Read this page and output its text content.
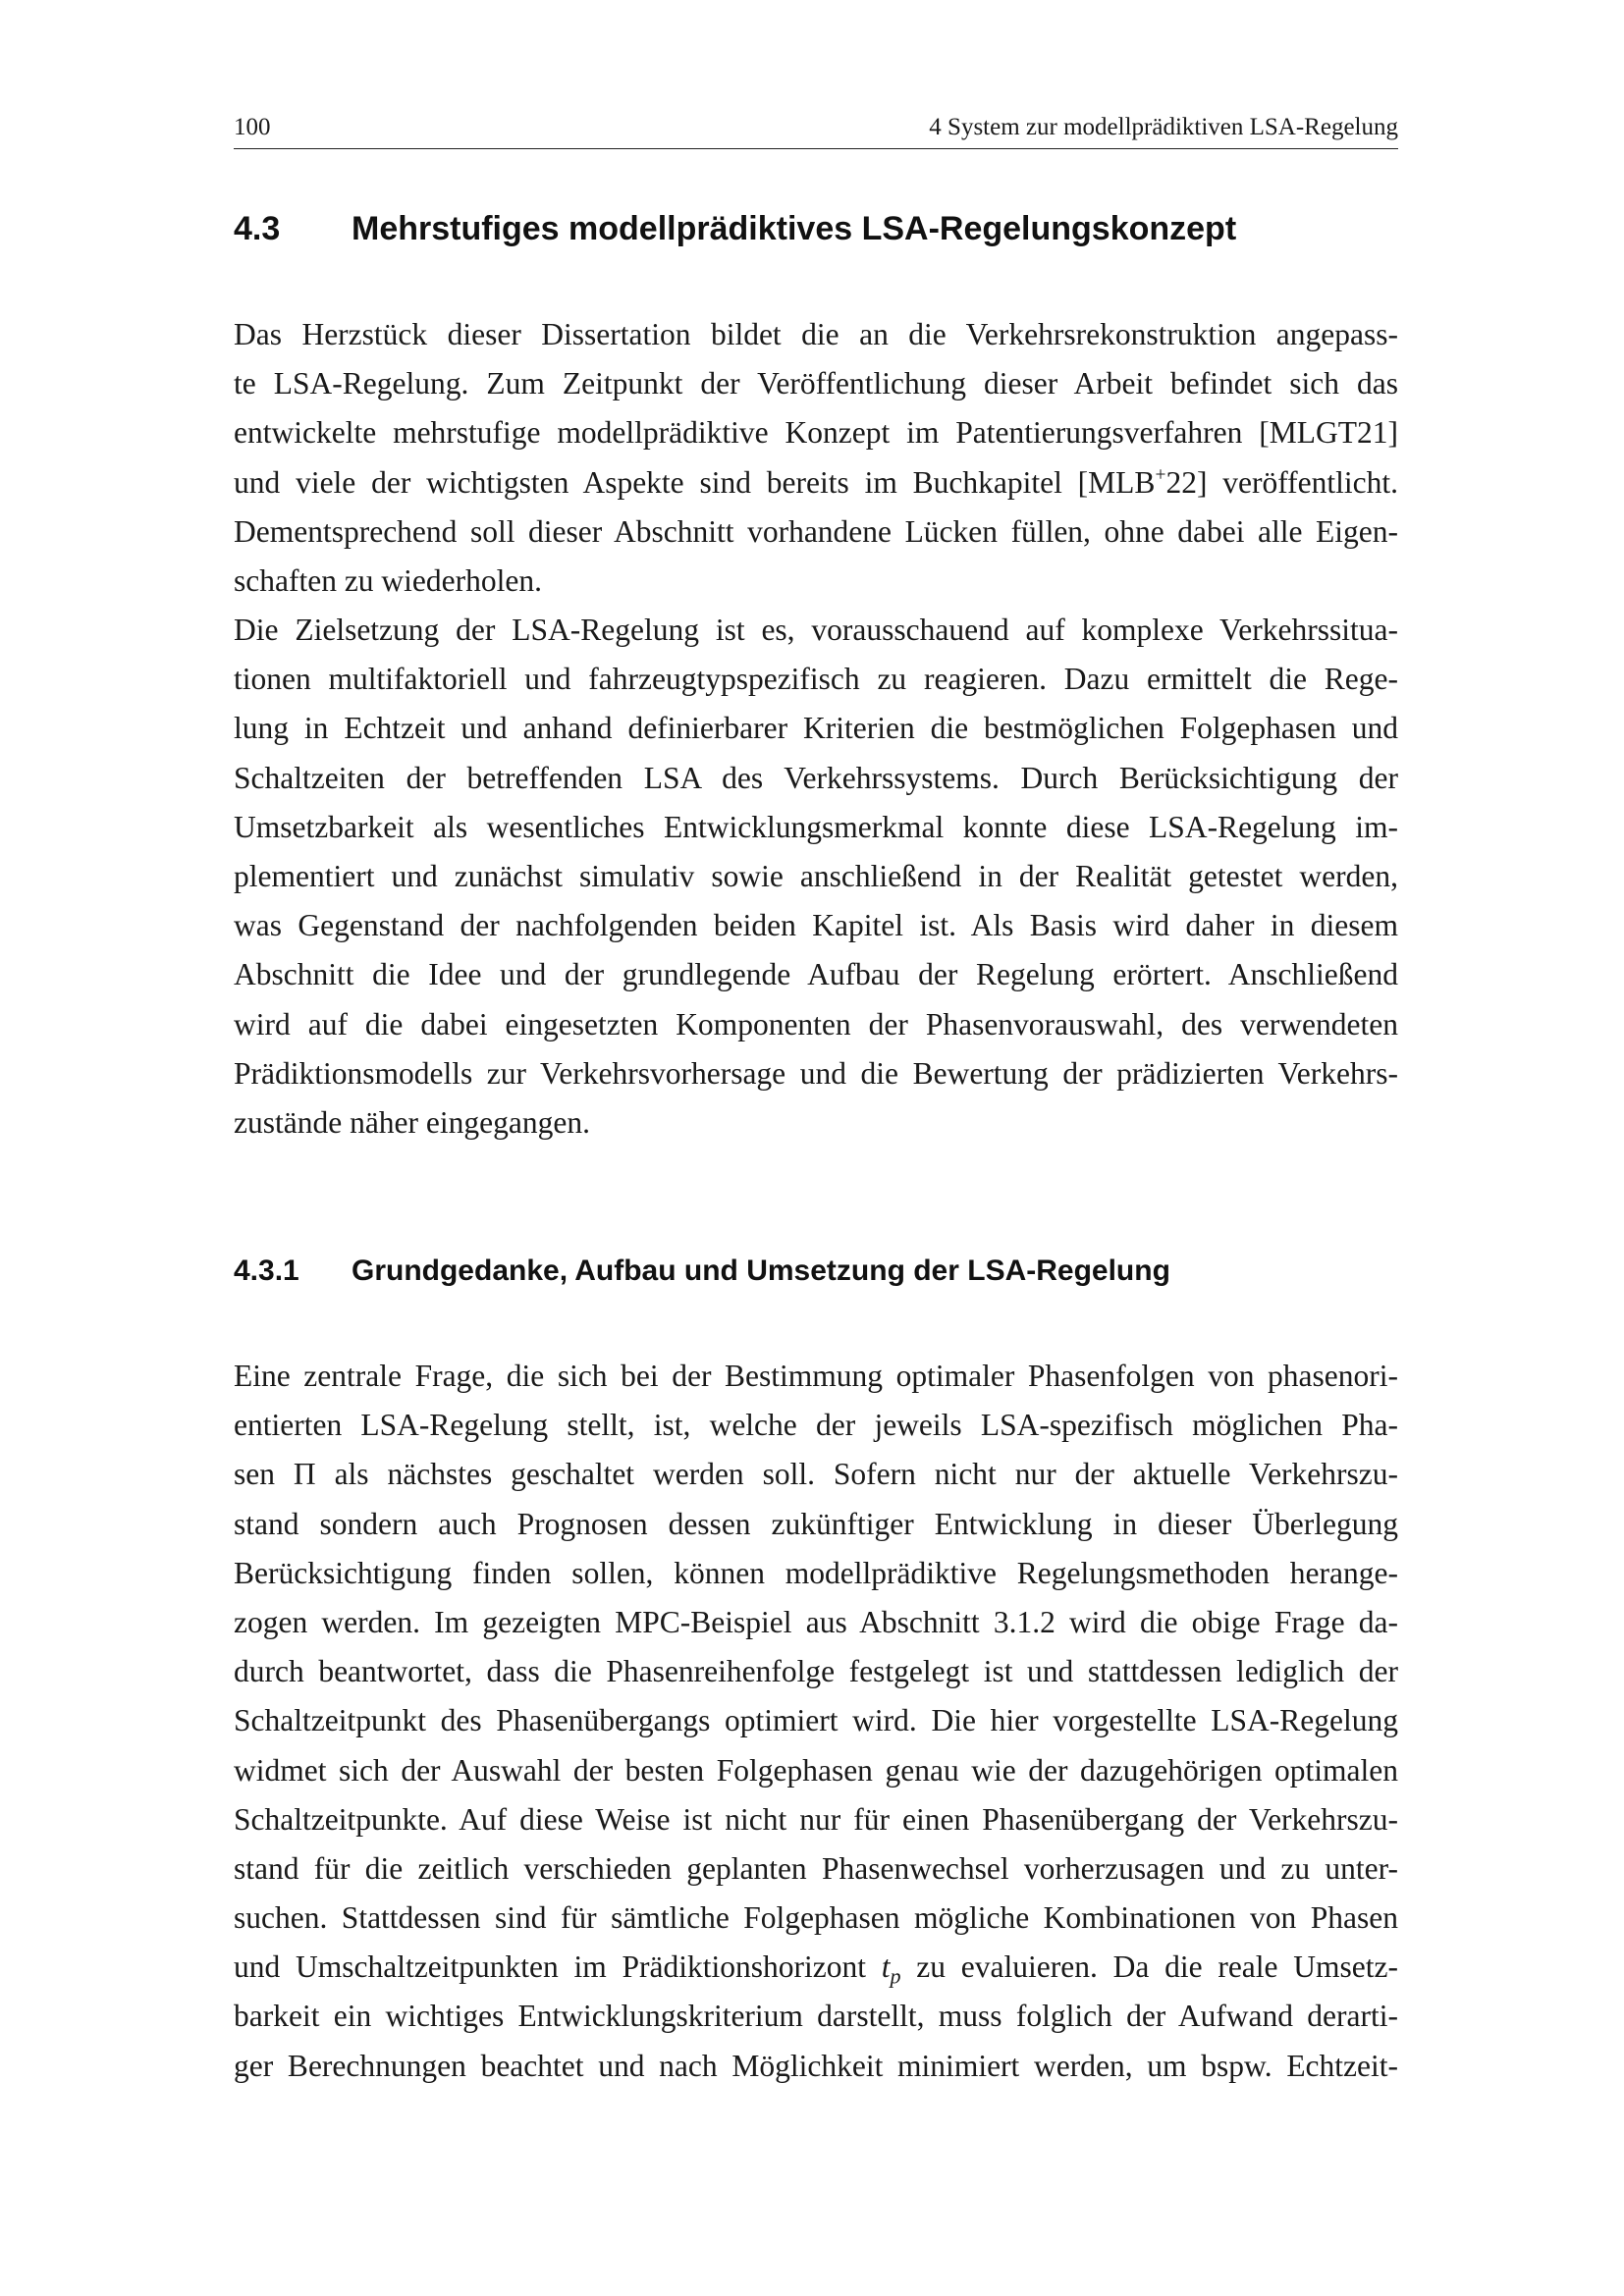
100	4 System zur modellprädiktiven LSA-Regelung
4.3 Mehrstufiges modellprädiktives LSA-Regelungskonzept
Das Herzstück dieser Dissertation bildet die an die Verkehrsrekonstruktion angepass-
te LSA-Regelung. Zum Zeitpunkt der Veröffentlichung dieser Arbeit befindet sich das
entwickelte mehrstufige modellprädiktive Konzept im Patentierungsverfahren [MLGT21]
und viele der wichtigsten Aspekte sind bereits im Buchkapitel [MLB+22] veröffentlicht.
Dementsprechend soll dieser Abschnitt vorhandene Lücken füllen, ohne dabei alle Eigen-
schaften zu wiederholen.
Die Zielsetzung der LSA-Regelung ist es, vorausschauend auf komplexe Verkehrssitua-
tionen multifaktoriell und fahrzeugtypspezifisch zu reagieren. Dazu ermittelt die Rege-
lung in Echtzeit und anhand definierbarer Kriterien die bestmöglichen Folgephasen und
Schaltzeiten der betreffenden LSA des Verkehrssystems. Durch Berücksichtigung der
Umsetzbarkeit als wesentliches Entwicklungsmerkmal konnte diese LSA-Regelung im-
plementiert und zunächst simulativ sowie anschließend in der Realität getestet werden,
was Gegenstand der nachfolgenden beiden Kapitel ist. Als Basis wird daher in diesem
Abschnitt die Idee und der grundlegende Aufbau der Regelung erörtert. Anschließend
wird auf die dabei eingesetzten Komponenten der Phasenvorauswahl, des verwendeten
Prädiktionsmodells zur Verkehrsvorhersage und die Bewertung der prädizierten Verkehrs-
zustände näher eingegangen.
4.3.1 Grundgedanke, Aufbau und Umsetzung der LSA-Regelung
Eine zentrale Frage, die sich bei der Bestimmung optimaler Phasenfolgen von phasenori-
entierten LSA-Regelung stellt, ist, welche der jeweils LSA-spezifisch möglichen Pha-
sen Π als nächstes geschaltet werden soll. Sofern nicht nur der aktuelle Verkehrszu-
stand sondern auch Prognosen dessen zukünftiger Entwicklung in dieser Überlegung
Berücksichtigung finden sollen, können modellprädiktive Regelungsmethoden herange-
zogen werden. Im gezeigten MPC-Beispiel aus Abschnitt 3.1.2 wird die obige Frage da-
durch beantwortet, dass die Phasenreihenfolge festgelegt ist und stattdessen lediglich der
Schaltzeitpunkt des Phasenübergangs optimiert wird. Die hier vorgestellte LSA-Regelung
widmet sich der Auswahl der besten Folgephasen genau wie der dazugehörigen optimalen
Schaltzeitpunkte. Auf diese Weise ist nicht nur für einen Phasenübergang der Verkehrszu-
stand für die zeitlich verschieden geplanten Phasenwechsel vorherzusagen und zu unter-
suchen. Stattdessen sind für sämtliche Folgephasen mögliche Kombinationen von Phasen
und Umschaltzeitpunkten im Prädiktionshorizont $t_p$ zu evaluieren. Da die reale Umsetz-
barkeit ein wichtiges Entwicklungskriterium darstellt, muss folglich der Aufwand derarti-
ger Berechnungen beachtet und nach Möglichkeit minimiert werden, um bspw. Echtzeit-
